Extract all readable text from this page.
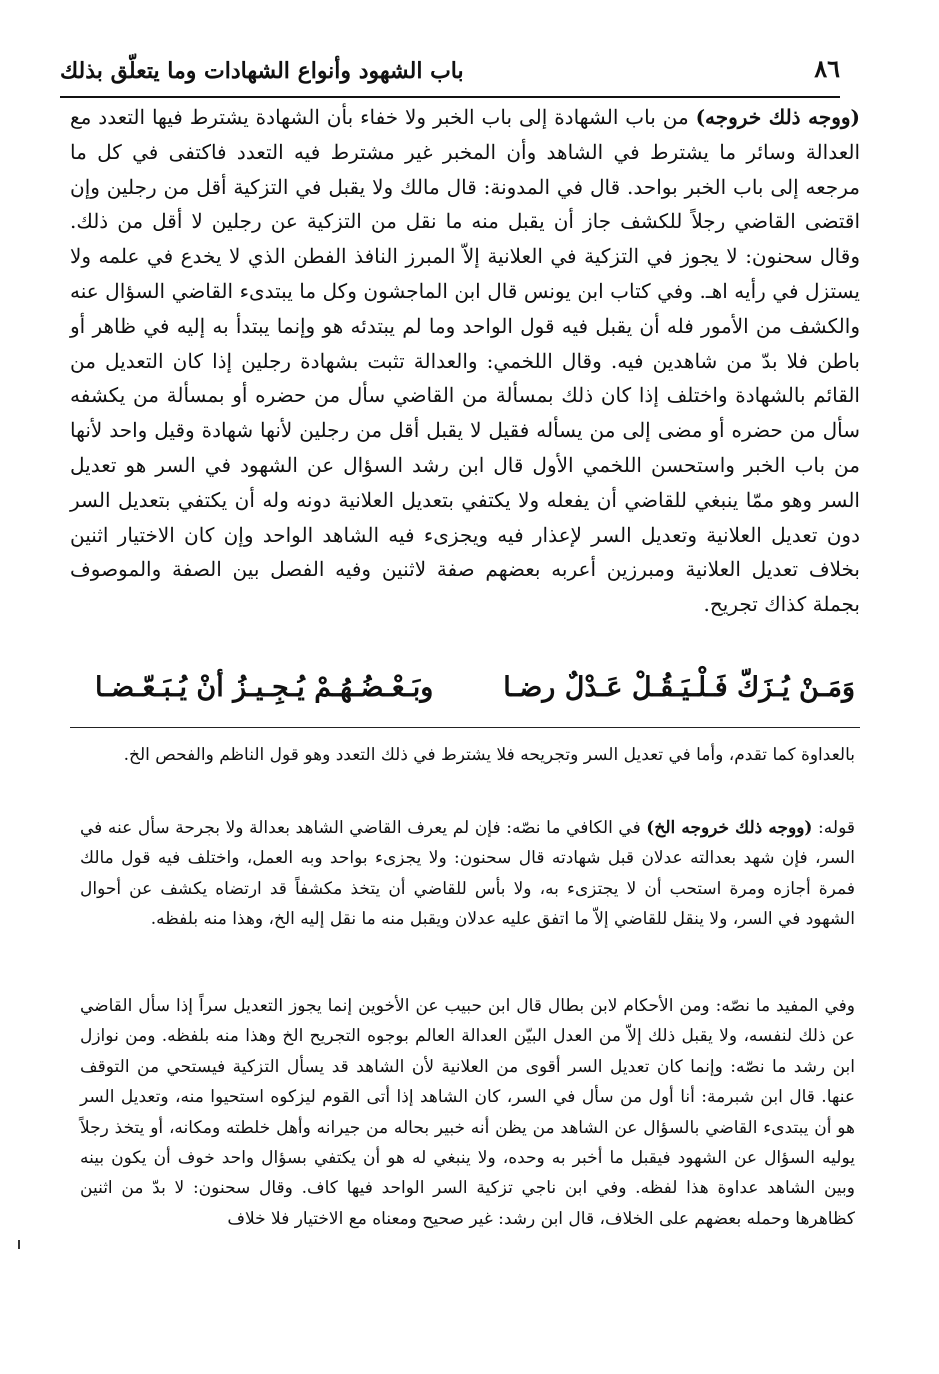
٨٦
باب الشهود وأنواع الشهادات وما يتعلّق بذلك
(ووجه ذلك خروجه) من باب الشهادة إلى باب الخبر ولا خفاء بأن الشهادة يشترط فيها التعدد مع العدالة وسائر ما يشترط في الشاهد وأن المخبر غير مشترط فيه التعدد فاكتفى في كل ما مرجعه إلى باب الخبر بواحد. قال في المدونة: قال مالك ولا يقبل في التزكية أقل من رجلين وإن اقتضى القاضي رجلاً للكشف جاز أن يقبل منه ما نقل من التزكية عن رجلين لا أقل من ذلك. وقال سحنون: لا يجوز في التزكية في العلانية إلاّ المبرز النافذ الفطن الذي لا يخدع في علمه ولا يستزل في رأيه اهـ. وفي كتاب ابن يونس قال ابن الماجشون وكل ما يبتدىء القاضي السؤال عنه والكشف من الأمور فله أن يقبل فيه قول الواحد وما لم يبتدئه هو وإنما يبتدأ به إليه في ظاهر أو باطن فلا بدّ من شاهدين فيه. وقال اللخمي: والعدالة تثبت بشهادة رجلين إذا كان التعديل من القائم بالشهادة واختلف إذا كان ذلك بمسألة من القاضي سأل من حضره أو بمسألة من يكشفه سأل من حضره أو مضى إلى من يسأله فقيل لا يقبل أقل من رجلين لأنها شهادة وقيل واحد لأنها من باب الخبر واستحسن اللخمي الأول قال ابن رشد السؤال عن الشهود في السر هو تعديل السر وهو ممّا ينبغي للقاضي أن يفعله ولا يكتفي بتعديل العلانية دونه وله أن يكتفي بتعديل السر دون تعديل العلانية وتعديل السر لإعذار فيه ويجزىء فيه الشاهد الواحد وإن كان الاختيار اثنين بخلاف تعديل العلانية ومبرزين أعربه بعضهم صفة لاثنين وفيه الفصل بين الصفة والموصوف بجملة كذاك تجريح.
وَمَـنْ يُـزَكّ فَـلْـيَـقُـلْ عَـدْلٌ رضـا
وبَـعْـضُـهُـمْ يُـجِـيـزُ أنْ يُـبَـعّـضـا
بالعداوة كما تقدم، وأما في تعديل السر وتجريحه فلا يشترط في ذلك التعدد وهو قول الناظم والفحص الخ.
قوله: (ووجه ذلك خروجه الخ) في الكافي ما نصّه: فإن لم يعرف القاضي الشاهد بعدالة ولا بجرحة سأل عنه في السر، فإن شهد بعدالته عدلان قبل شهادته قال سحنون: ولا يجزىء بواحد وبه العمل، واختلف فيه قول مالك فمرة أجازه ومرة استحب أن لا يجتزىء به، ولا بأس للقاضي أن يتخذ مكشفاً قد ارتضاه يكشف عن أحوال الشهود في السر، ولا ينقل للقاضي إلاّ ما اتفق عليه عدلان ويقبل منه ما نقل إليه الخ، وهذا منه بلفظه.
وفي المفيد ما نصّه: ومن الأحكام لابن بطال قال ابن حبيب عن الأخوين إنما يجوز التعديل سراً إذا سأل القاضي عن ذلك لنفسه، ولا يقبل ذلك إلاّ من العدل البيّن العدالة العالم بوجوه التجريح الخ وهذا منه بلفظه. ومن نوازل ابن رشد ما نصّه: وإنما كان تعديل السر أقوى من العلانية لأن الشاهد قد يسأل التزكية فيستحي من التوقف عنها. قال ابن شبرمة: أنا أول من سأل في السر، كان الشاهد إذا أتى القوم ليزكوه استحيوا منه، وتعديل السر هو أن يبتدىء القاضي بالسؤال عن الشاهد من يظن أنه خبير بحاله من جيرانه وأهل خلطته ومكانه، أو يتخذ رجلاً يوليه السؤال عن الشهود فيقبل ما أخبر به وحده، ولا ينبغي له هو أن يكتفي بسؤال واحد خوف أن يكون بينه وبين الشاهد عداوة هذا لفظه. وفي ابن ناجي تزكية السر الواحد فيها كاف. وقال سحنون: لا بدّ من اثنين كظاهرها وحمله بعضهم على الخلاف، قال ابن رشد: غير صحيح ومعناه مع الاختيار فلا خلاف
